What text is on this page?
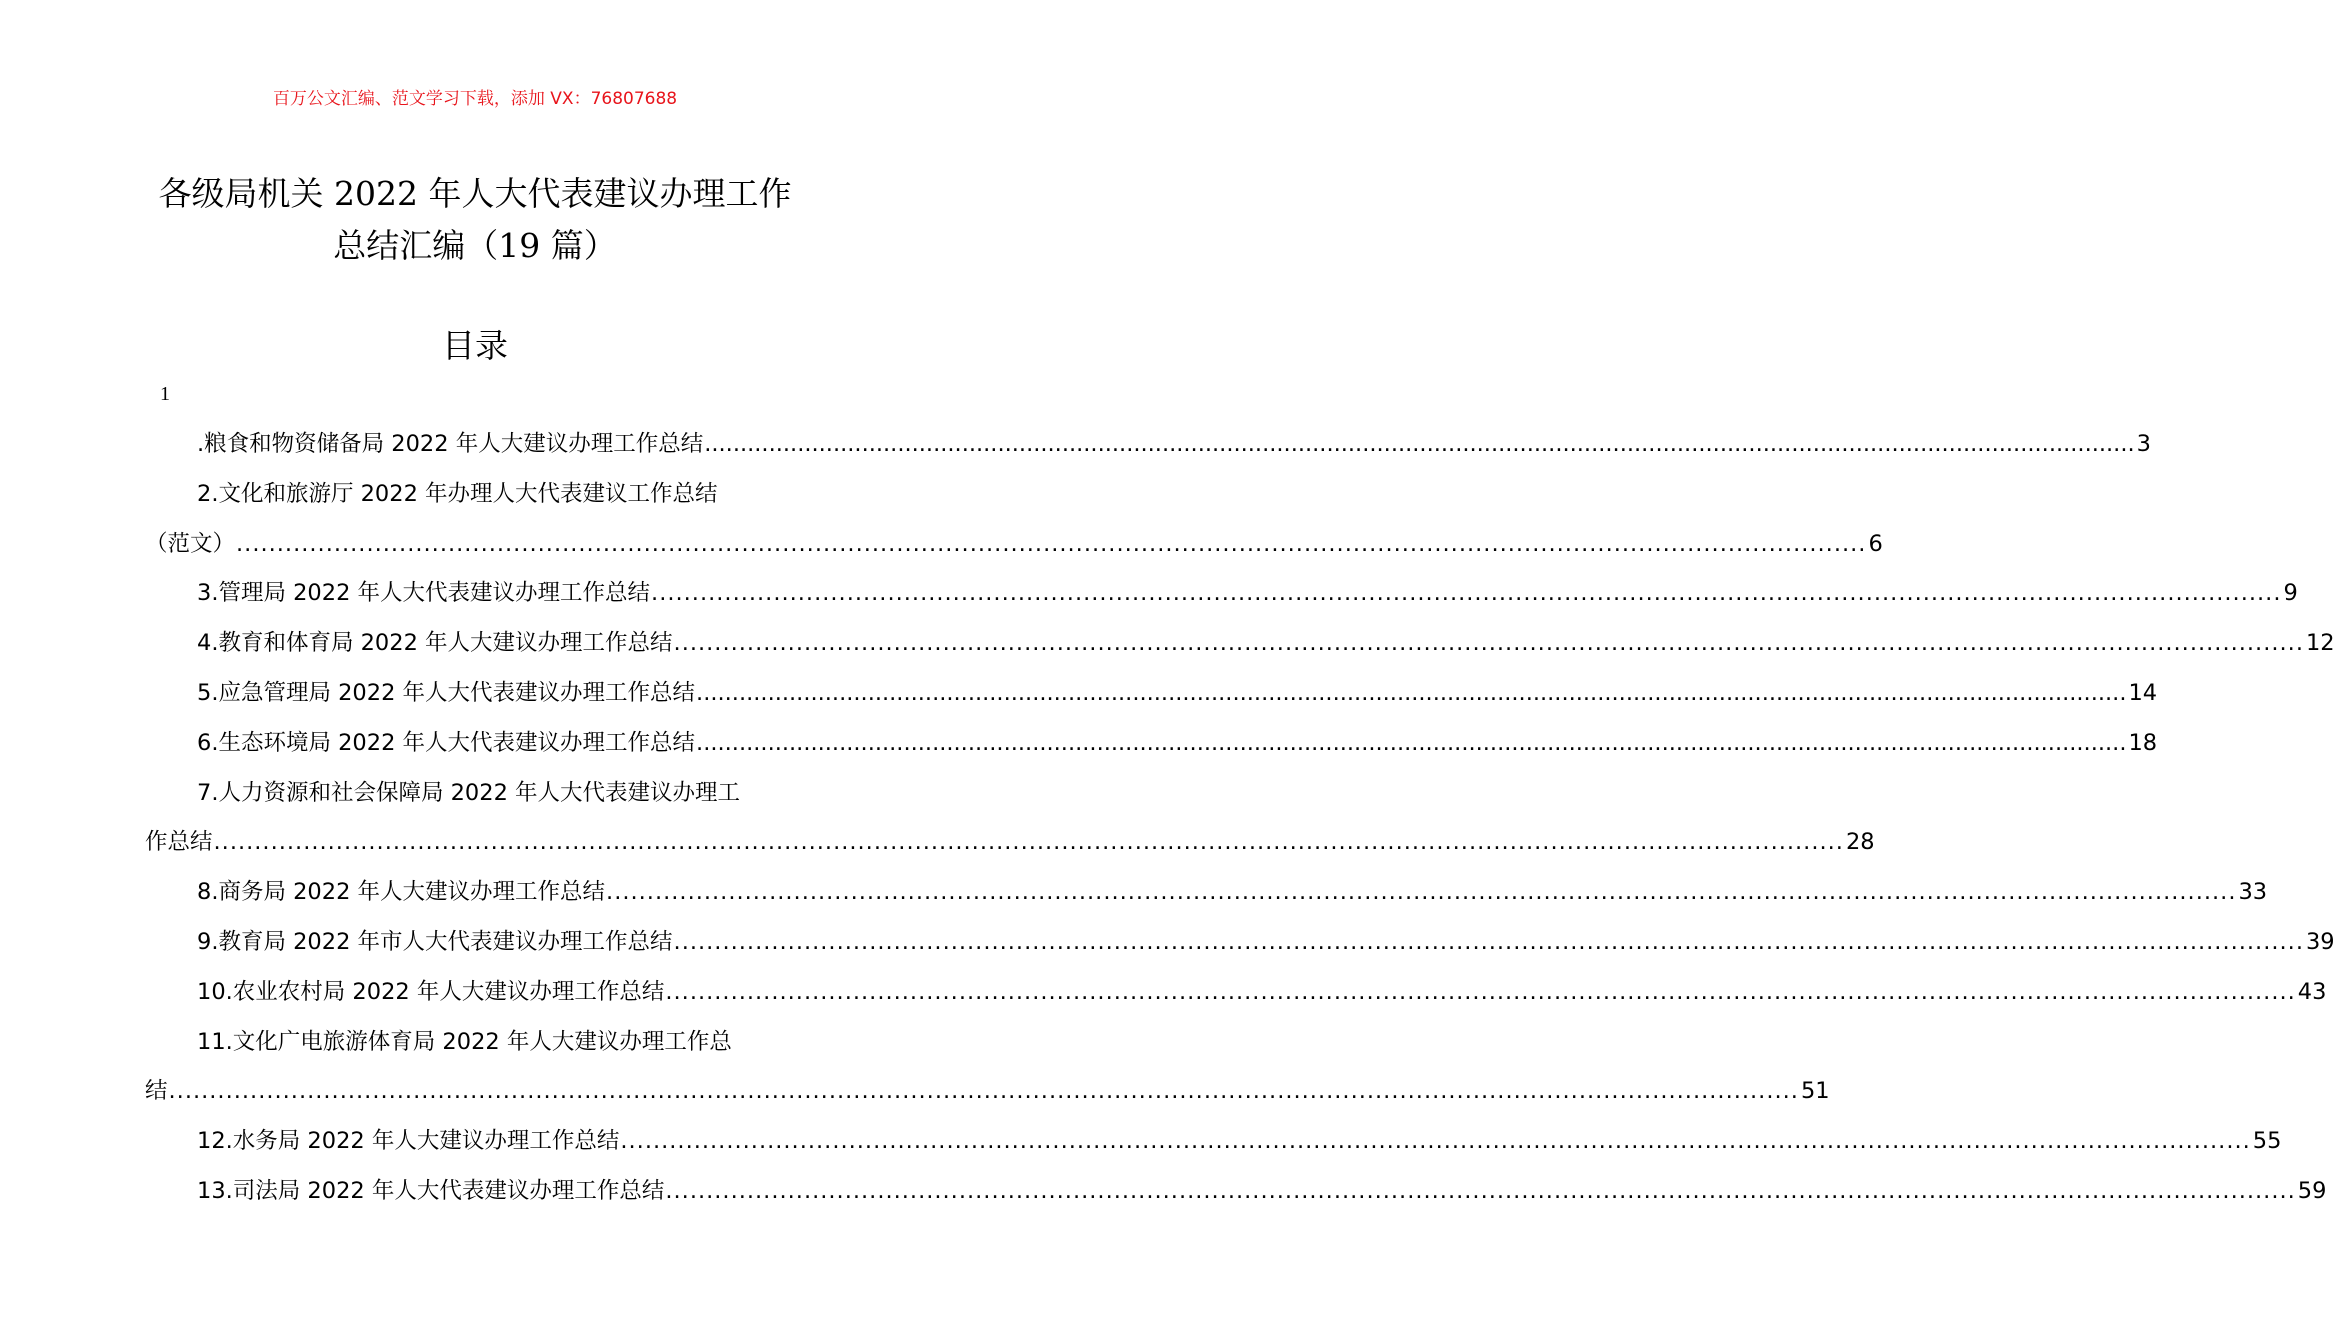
百万公文汇编、范文学习下载，添加 VX：76807688
各级局机关 2022 年人大代表建议办理工作
总结汇编（19 篇）
目录
1
.粮食和物资储备局 2022 年人大建议办理工作总结 ........................................................................................................................................................................................................ 3
2.文化和旅游厅 2022 年办理人大代表建议工作总结
（范文） ........................................................................................................................................................................................................ 6
3.管理局 2022 年人大代表建议办理工作总结 ........................................................................................................................................................................................................ 9
4.教育和体育局 2022 年人大建议办理工作总结 ........................................................................................................................................................................................................ 12
5.应急管理局 2022 年人大代表建议办理工作总结 ........................................................................................................................................................................................................ 14
6.生态环境局 2022 年人大代表建议办理工作总结 ........................................................................................................................................................................................................ 18
7.人力资源和社会保障局 2022 年人大代表建议办理工
作总结 ........................................................................................................................................................................................................ 28
8.商务局 2022 年人大建议办理工作总结 ........................................................................................................................................................................................................ 33
9.教育局 2022 年市人大代表建议办理工作总结 ........................................................................................................................................................................................................ 39
10.农业农村局 2022 年人大建议办理工作总结 ........................................................................................................................................................................................................ 43
11.文化广电旅游体育局 2022 年人大建议办理工作总
结 ........................................................................................................................................................................................................ 51
12.水务局 2022 年人大建议办理工作总结 ........................................................................................................................................................................................................ 55
13.司法局 2022 年人大代表建议办理工作总结 ........................................................................................................................................................................................................ 59
